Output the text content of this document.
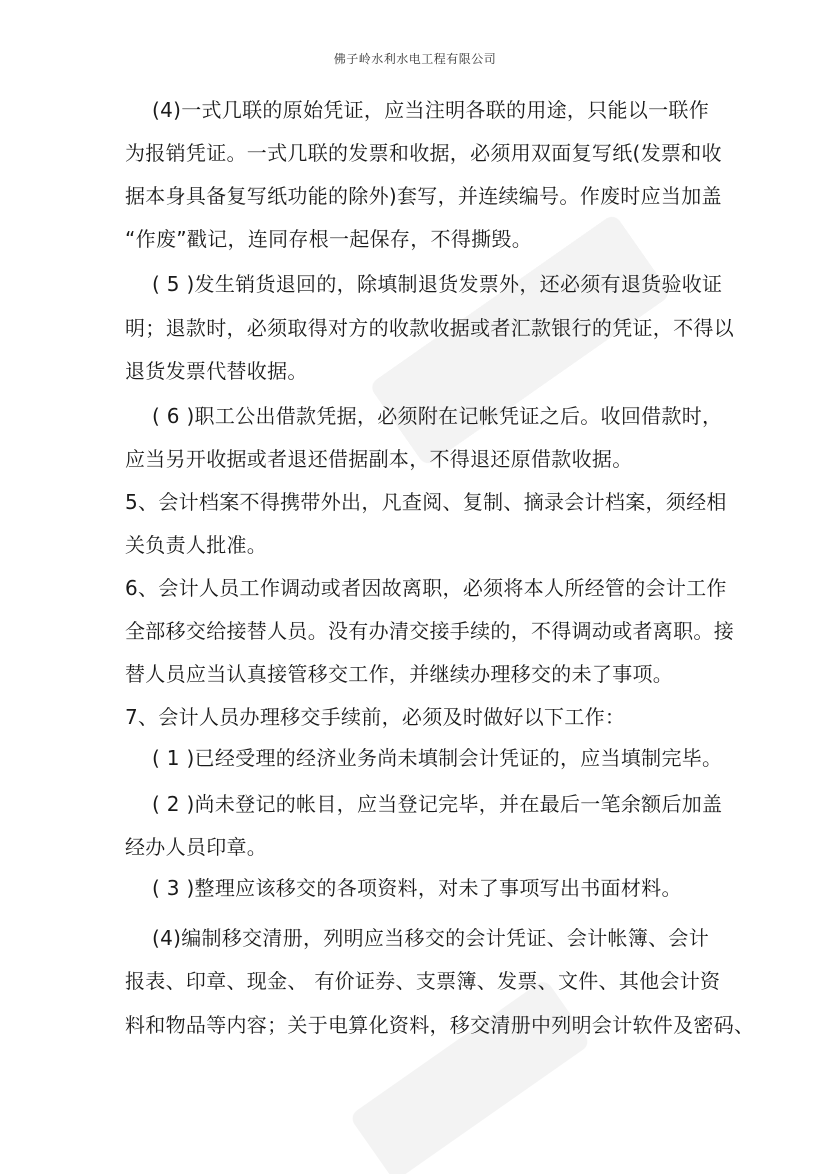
佛子岭水利水电工程有限公司
(4)一式几联的原始凭证，应当注明各联的用途，只能以一联作
为报销凭证。一式几联的发票和收据，必须用双面复写纸(发票和收
据本身具备复写纸功能的除外)套写，并连续编号。作废时应当加盖
“作废”戳记，连同存根一起保存，不得撕毁。
( 5 )发生销货退回的，除填制退货发票外，还必须有退货验收证
明；退款时，必须取得对方的收款收据或者汇款银行的凭证，不得以
退货发票代替收据。
( 6 )职工公出借款凭据，必须附在记帐凭证之后。收回借款时，
应当另开收据或者退还借据副本，不得退还原借款收据。
5、会计档案不得携带外出，凡查阅、复制、摘录会计档案，须经相
关负责人批准。
6、会计人员工作调动或者因故离职，必须将本人所经管的会计工作
全部移交给接替人员。没有办清交接手续的，不得调动或者离职。接
替人员应当认真接管移交工作，并继续办理移交的未了事项。
7、会计人员办理移交手续前，必须及时做好以下工作：
( 1 )已经受理的经济业务尚未填制会计凭证的，应当填制完毕。
( 2 )尚未登记的帐目，应当登记完毕，并在最后一笔余额后加盖
经办人员印章。
( 3 )整理应该移交的各项资料，对未了事项写出书面材料。
(4)编制移交清册，列明应当移交的会计凭证、会计帐簿、会计
报表、印章、现金、 有价证券、支票簿、发票、文件、其他会计资
料和物品等内容；关于电算化资料，移交清册中列明会计软件及密码、
